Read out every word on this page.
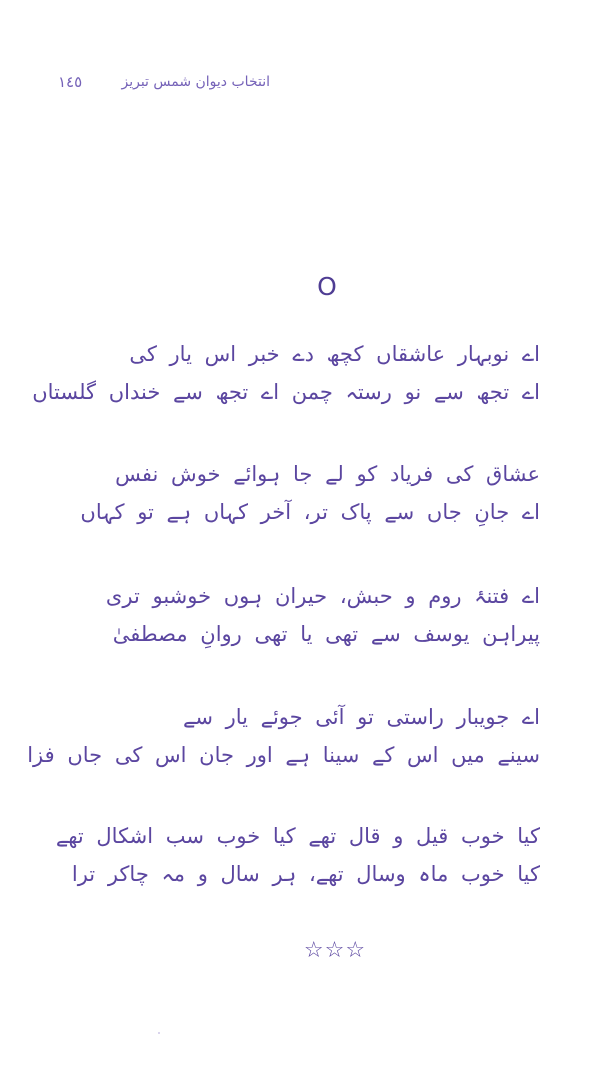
١٤٥	انتخاب دیوان شمس تبریز
O
اے نوبہار عاشقاں کچھ دے خبر اس یار کی
اے تجھ سے نو رستہ چمن اے تجھ سے خنداں گلستاں
عشاق کی فریاد کو لے جا ہوائے خوش نفس
اے جانِ جاں سے پاک تر، آخر کہاں ہے تو کہاں
اے فتنۂ روم و حبش، حیران ہوں خوشبو تری
پیراہن یوسف سے تھی یا تھی روانِ مصطفیٰ
اے جویبار راستی تو آئی جوئے یار سے
سینے میں اس کے سینا ہے اور جان اس کی جاں فزا
کیا خوب قیل و قال تھے کیا خوب سب اشکال تھے
کیا خوب ماہ وسال تھے، ہر سال و مہ چاکر ترا
☆☆☆
